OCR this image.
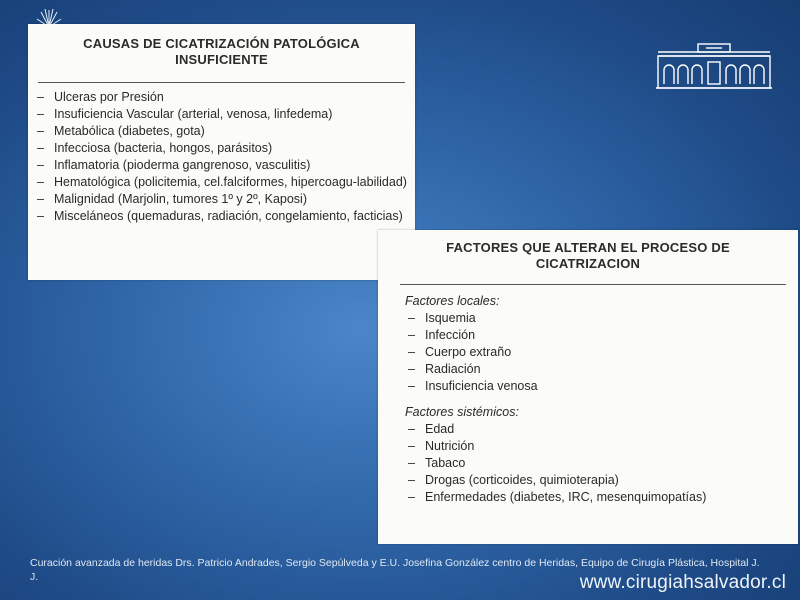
CAUSAS DE CICATRIZACIÓN PATOLÓGICA
INSUFICIENTE
– Ulceras por Presión
– Insuficiencia Vascular (arterial, venosa, linfedema)
– Metabólica (diabetes, gota)
– Infecciosa (bacteria, hongos, parásitos)
– Inflamatoria (pioderma gangrenoso, vasculitis)
– Hematológica (policitemia, cel.falciformes, hipercoagu-labilidad)
– Malignidad (Marjolin, tumores 1º y 2º, Kaposi)
– Misceláneos (quemaduras, radiación, congelamiento, facticias)
FACTORES QUE ALTERAN EL PROCESO DE
CICATRIZACION
Factores locales:
– Isquemia
– Infección
– Cuerpo extraño
– Radiación
– Insuficiencia venosa
Factores sistémicos:
– Edad
– Nutrición
– Tabaco
– Drogas (corticoides, quimioterapia)
– Enfermedades (diabetes, IRC, mesenquimopatías)
Curación avanzada de heridas Drs. Patricio Andrades, Sergio Sepúlveda y E.U. Josefina González centro de Heridas, Equipo de Cirugía Plástica, Hospital J. J.	www.cirugiahsalvador.cl
